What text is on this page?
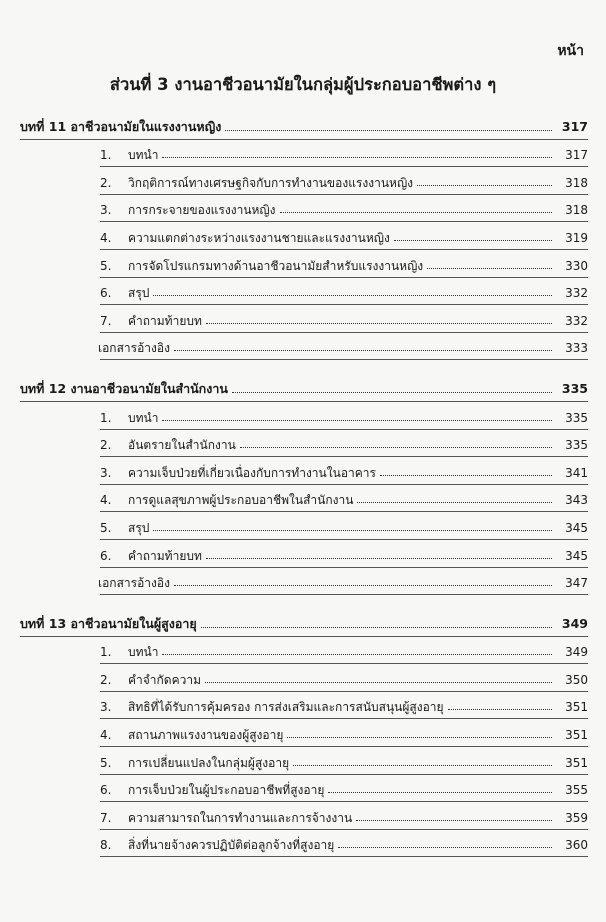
หน้า
ส่วนที่ 3 งานอาชีวอนามัยในกลุ่มผู้ประกอบอาชีพต่าง ๆ
บทที่ 11 อาชีวอนามัยในแรงงานหญิง	317
1.	บทนำ	317
2.	วิกฤติการณ์ทางเศรษฐกิจกับการทำงานของแรงงานหญิง	318
3.	การกระจายของแรงงานหญิง	318
4.	ความแตกต่างระหว่างแรงงานชายและแรงงานหญิง	319
5.	การจัดโปรแกรมทางด้านอาชีวอนามัยสำหรับแรงงานหญิง	330
6.	สรุป	332
7.	คำถามท้ายบท	332
เอกสารอ้างอิง	333
บทที่ 12 งานอาชีวอนามัยในสำนักงาน	335
1.	บทนำ	335
2.	อันตรายในสำนักงาน	335
3.	ความเจ็บป่วยที่เกี่ยวเนื่องกับการทำงานในอาคาร	341
4.	การดูแลสุขภาพผู้ประกอบอาชีพในสำนักงาน	343
5.	สรุป	345
6.	คำถามท้ายบท	345
เอกสารอ้างอิง	347
บทที่ 13 อาชีวอนามัยในผู้สูงอายุ	349
1.	บทนำ	349
2.	คำจำกัดความ	350
3.	สิทธิที่ได้รับการคุ้มครอง การส่งเสริมและการสนับสนุนผู้สูงอายุ	351
4.	สถานภาพแรงงานของผู้สูงอายุ	351
5.	การเปลี่ยนแปลงในกลุ่มผู้สูงอายุ	351
6.	การเจ็บป่วยในผู้ประกอบอาชีพที่สูงอายุ	355
7.	ความสามารถในการทำงานและการจ้างงาน	359
8.	สิ่งที่นายจ้างควรปฏิบัติต่อลูกจ้างที่สูงอายุ	360
